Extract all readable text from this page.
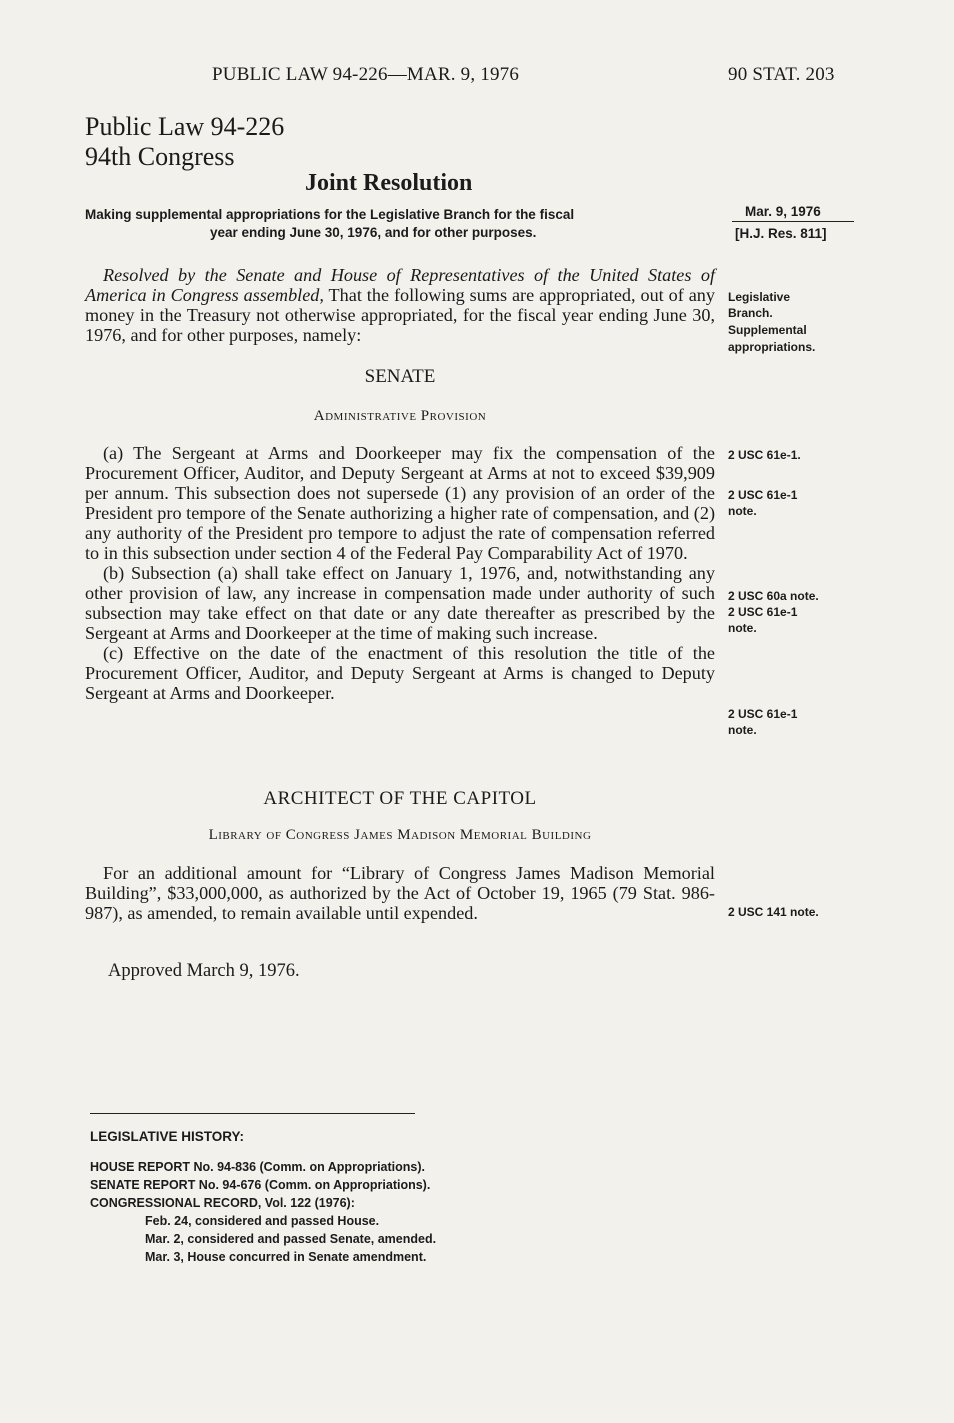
PUBLIC LAW 94-226—MAR. 9, 1976	90 STAT. 203
Public Law 94-226
94th Congress
Joint Resolution
Making supplemental appropriations for the Legislative Branch for the fiscal
year ending June 30, 1976, and for other purposes.
Mar. 9, 1976
[H.J. Res. 811]

Resolved by the Senate and House of Representatives of the United States of America in Congress assembled, That the following sums are appropriated, out of any money in the Treasury not otherwise appropriated, for the fiscal year ending June 30, 1976, and for other purposes, namely:

Legislative
Branch.
Supplemental
appropriations.
SENATE
Administrative Provision

(a) The Sergeant at Arms and Doorkeeper may fix the compensation of the Procurement Officer, Auditor, and Deputy Sergeant at Arms at not to exceed $39,909 per annum. This subsection does not supersede (1) any provision of an order of the President pro tempore of the Senate authorizing a higher rate of compensation, and (2) any authority of the President pro tempore to adjust the rate of compensation referred to in this subsection under section 4 of the Federal Pay Comparability Act of 1970.

(b) Subsection (a) shall take effect on January 1, 1976, and, notwithstanding any other provision of law, any increase in compensation made under authority of such subsection may take effect on that date or any date thereafter as prescribed by the Sergeant at Arms and Doorkeeper at the time of making such increase.

(c) Effective on the date of the enactment of this resolution the title of the Procurement Officer, Auditor, and Deputy Sergeant at Arms is changed to Deputy Sergeant at Arms and Doorkeeper.

2 USC 61e-1.
2 USC 61e-1
note.
2 USC 60a note.
2 USC 61e-1
note.
2 USC 61e-1
note.
ARCHITECT OF THE CAPITOL
Library of Congress James Madison Memorial Building

For an additional amount for “Library of Congress James Madison Memorial Building”, $33,000,000, as authorized by the Act of October 19, 1965 (79 Stat. 986-987), as amended, to remain available until expended.	2 USC 141 note.
Approved March 9, 1976.
LEGISLATIVE HISTORY:
HOUSE REPORT No. 94-836 (Comm. on Appropriations).
SENATE REPORT No. 94-676 (Comm. on Appropriations).
CONGRESSIONAL RECORD, Vol. 122 (1976):
Feb. 24, considered and passed House.
Mar. 2, considered and passed Senate, amended.
Mar. 3, House concurred in Senate amendment.
